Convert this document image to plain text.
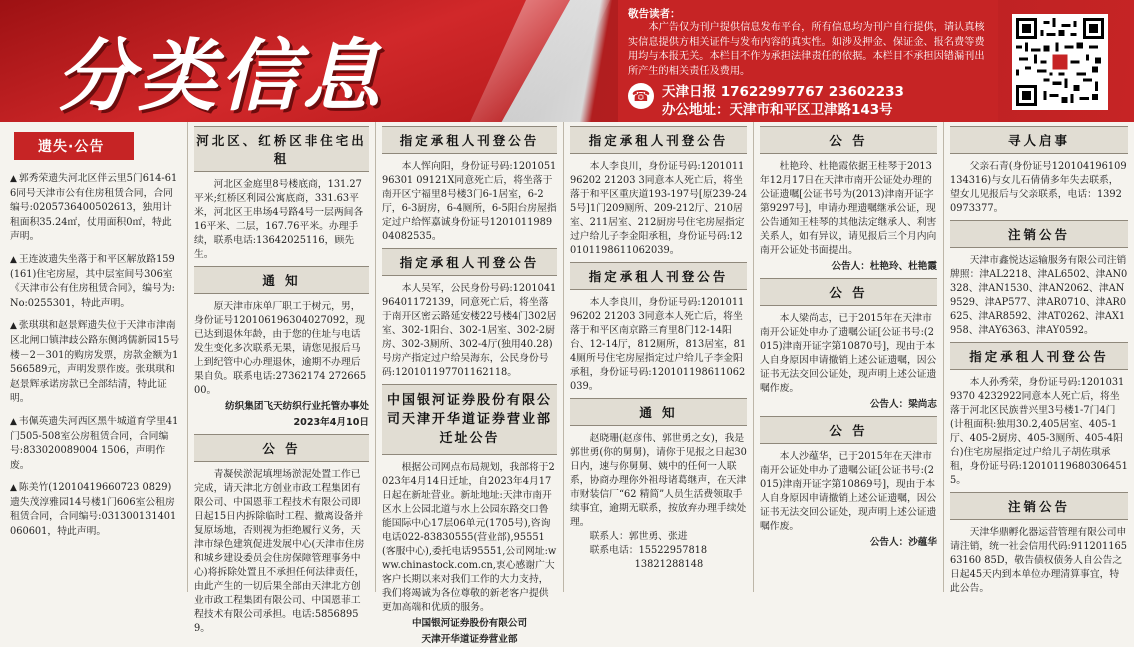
分类信息
敬告读者：
本广告仅为刊户提供信息发布平台，所有信息均为刊户自行提供，请认真核实信息提供方相关证件与发布内容的真实性。如涉及押金、保证金、报名费等费用均与本报无关。本栏目不作为承担法律责任的依据。本栏目不承担因错漏刊出所产生的相关责任及费用。
☎ 天津日报 17622997767 23602233
办公地址：天津市和平区卫津路143号
遗失·公告
▲ 郭秀荣遗失河北区伴云里5门614-616同号天津市公有住房租赁合同，合同编号:0205736400502613，独用计租面积35.24㎡，仗用面积0㎡，特此声明。
▲ 王连波遗失坐落于和平区解放路159(161)住宅房屋，其中层室间号306室《天津市公有住房租赁合同》，编号为:No:0255301，特此声明。
▲ 张琪琪和赵景辉遗失位于天津市津南区北闸口镇津歧公路东侧鸿儒新园15号楼－2－301的购房发票，房款金额为1566589元，声明发票作废。张琪琪和赵景辉承诺房款已全部结清，特此证明。
▲ 韦佩英遗失河西区黑牛城道育学里41门505-508室公房租赁合同，合同编号:833020089004 1506，声明作废。
▲ 陈美竹(12010419660723 0829)遗失茂淳雅园14号楼1门606室公租房租赁合同，合同编号:031300131401060601，特此声明。
河北区、红桥区非住宅出租
河北区金庭里8号楼底商，131.27平米;红桥区利园公寓底商，331.63平米，河北区王串场4号路4号一层两间各16平米、二层，167.76平米。办理手续，联系电话:13642025116，顾先生。
通 知
原天津市床单厂职工于树元，男，身份证号120106196304027092，现已达到退休年龄，由于您的住址与电话发生变化多次联系无果，请您见报后马上到纪管中心办理退休，逾期不办理后果自负。联系电话:27362174 27266500。
纺织集团飞天纺织行业托管办事处
2023年4月10日
公 告
青凝侯淤泥填埋场淤泥处置工作已完成，请天津北方创业市政工程集团有限公司、中国恩菲工程技术有限公司即日起15日内拆除临时工程、撤离设备并复原场地，否则视为拒绝履行义务，天津市绿色建筑促进发展中心(天津市住房和城乡建设委员会住房保障管理事务中心)将拆除处置且不承担任何法律责任，由此产生的一切后果全部由天津北方创业市政工程集团有限公司、中国恩菲工程技术有限公司承担。电话:58568959。
指定承租人刊登公告
本人恽向阳，身份证号码:120105196301 09121X同意死亡后，将坐落于南开区宁福里8号楼3门6-1居室，6-2厅，6-3厨房，6-4厕所，6-5阳台房屋指定过户给恽嘉诚身份证号120101198904082535。
指定承租人刊登公告
本人吴军，公民身份号码:120104196401172139，同意死亡后，将坐落于南开区密云路延安楼22号楼4门302居室、302-1阳台、302-1居室、302-2厨房、302-3厕所、302-4厅(独用40.28)号房产指定过户给吴海东，公民身份号码:120101197701162118。
中国银河证券股份有限公司天津开华道证券营业部迁址公告
根据公司网点布局规划，我部将于2023年4月14日迁址，自2023年4月17日起在新址营业。新址地址:天津市南开区水上公园北道与水上公园东路交口鲁能国际中心17层06单元(1705号),咨询电话022-83830555(营业部),95551(客服中心),委托电话95551,公司网址:www.chinastock.com.cn,衷心感谢广大客户长期以来对我们工作的大力支持，我们将竭诚为各位尊敬的新老客户提供更加高端和优质的服务。
中国银河证券股份有限公司
天津开华道证券营业部
指定承租人刊登公告
本人李良川，身份证号码:120101196202 21203 3同意本人死亡后，将坐落于和平区重庆道193-197号[原239-245号]1门209厕所、209-212厅、210居室、211居室、212厨房号住宅房屋指定过户给儿子李金阳承租，身份证号码:120101198611062039。
指定承租人刊登公告
本人李良川，身份证号码:120101196202 21203 3同意本人死亡后，将坐落于和平区南京路三育里8门12-14阳台、12-14厅，812厕所，813居室，814厕所号住宅房屋指定过户给儿子李金阳承租，身份证号码:120101198611062039。
通 知
赵晓珊(赵彦伟、郭世勇之女)，我是郭世勇(你的舅舅)，请你于见报之日起30日内，速与你舅舅、姨中的任何一人联系，协商办理你外祖母诸葛继声，在天津市财装信厂“62 精简”人员生活费领取手续事宜，逾期无联系，按放弃办理手续处理。
联系人：郭世勇、张进
联系电话：15522957818
13821288148
公 告
杜艳玲、杜艳霞依据王桂琴于2013年12月17日在天津市南开公证处办理的公证遗嘱[公证书号为(2013)津南开证字第9297号]，申请办理遗嘱继承公证，现公告通知王桂琴的其他法定继承人、利害关系人，如有异议，请见报后三个月内向南开公证处书面提出。
公告人：杜艳玲、杜艳霞
公 告
本人梁尚志，已于2015年在天津市南开公证处申办了遗嘱公证[公证书号:(2015)津南开证字第10870号]，现由于本人自身原因申请撤销上述公证遗嘱，因公证书无法交回公证处，现声明上述公证遗嘱作废。
公告人：梁尚志
公 告
本人沙蕴华，已于2015年在天津市南开公证处申办了遗嘱公证[公证书号:(2015)津南开证字第10869号]，现由于本人自身原因申请撤销上述公证遗嘱，因公证书无法交回公证处，现声明上述公证遗嘱作废。
公告人：沙蕴华
寻人启事
父亲石青(身份证号120104196109134316)与女儿石倩倩多年失去联系，望女儿见报后与父亲联系，电话：13920973377。
注销公告
天津市鑫悦达运输服务有限公司注销牌照：津AL2218、津AL6502、津AN0328、津AN1530、津AN2062、津AN9529、津AP577、津AR0710、津AR0625、津AR8592、津AT0262、津AX1958、津AY6363、津AY0592。
指定承租人刊登公告
本人孙秀荣，身份证号码:12010319370 4232922同意本人死亡后，将坐落于河北区民族普兴里3号楼1-7门4门(计租面积:独用30.2,405居室、405-1厅、405-2厨房、405-3厕所、405-4阳台)住宅房屋指定过户给儿子胡佐琪承租，身份证号码:120101196803064515。
注销公告
天津华鼎孵化器运营管理有限公司申请注销，统一社会信用代码:91120116563160 85D，敬告债权债务人自公告之日起45天内到本单位办理清算事宜，特此公告。
